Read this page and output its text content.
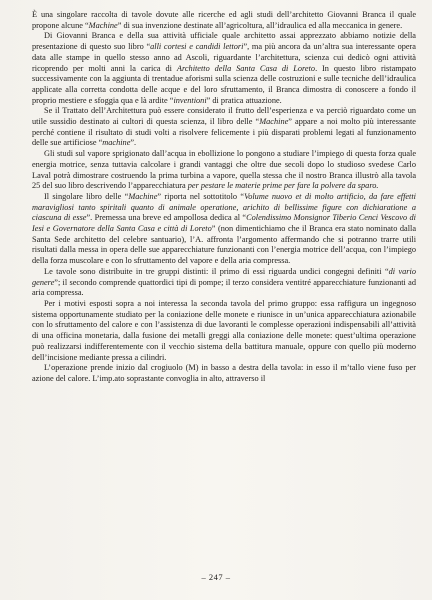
È una singolare raccolta di tavole dovute alle ricerche ed agli studi dell’architetto Giovanni Branca il quale propone alcune “Machine” di sua invenzione destinate all’agricoltura, all’idraulica ed alla meccanica in genere.

Di Giovanni Branca e della sua attività ufficiale quale architetto assai apprezzato abbiamo notizie della presentazione di questo suo libro “alli cortesi e candidi lettori”, ma più ancora da un’altra sua interessante opera data alle stampe in quello stesso anno ad Ascoli, riguardante l’architettura, scienza cui dedicò ogni attività ricoprendo per molti anni la carica di Architetto della Santa Casa di Loreto. In questo libro ristampato successivamente con la aggiunta di trentadue aforismi sulla scienza delle costruzioni e sulle tecniche dell’idraulica applicate alla corretta condotta delle acque e del loro sfruttamento, il Branca dimostra di conoscere a fondo il proprio mestiere e sfoggia qua e là ardite “inventioni” di pratica attuazione.

Se il Trattato dell’Architettura può essere considerato il frutto dell’esperienza e va perciò riguardato come un utile sussidio destinato ai cultori di questa scienza, il libro delle “Machine” appare a noi molto più interessante perché contiene il risultato di studi volti a risolvere felicemente i più disparati problemi legati al funzionamento delle sue artificiose “machine”.

Gli studi sul vapore sprigionato dall’acqua in ebollizione lo pongono a studiare l’impiego di questa forza quale energia motrice, senza tuttavia calcolare i grandi vantaggi che oltre due secoli dopo lo studioso svedese Carlo Laval potrà dimostrare costruendo la prima turbina a vapore, quella stessa che il nostro Branca illustrò alla tavola 25 del suo libro descrivendo l’apparecchiatura per pestare le materie prime per fare la polvere da sparo.

Il singolare libro delle “Machine” riporta nel sottotitolo “Volume nuovo et di molto artificio, da fare effetti maravigliosi tanto spiritali quanto di animale operatione, arichito di bellissime figure con dichiaratione a ciascuna di esse”. Premessa una breve ed ampollosa dedica al “Colendissimo Monsignor Tiberio Cenci Vescovo di Iesi e Governatore della Santa Casa e città di Loreto” (non dimentichiamo che il Branca era stato nominato dalla Santa Sede architetto del celebre santuario), l’A. affronta l’argomento affermando che si potranno trarre utili risultati dalla messa in opera delle sue apparecchiature funzionanti con l’energia motrice dell’acqua, con l’impiego della forza muscolare e con lo sfruttamento del vapore e della aria compressa.

Le tavole sono distribuite in tre gruppi distinti: il primo di essi riguarda undici congegni definiti “di vario genere”; il secondo comprende quattordici tipi di pompe; il terzo considera ventitré apparecchiature funzionanti ad aria compressa.

Per i motivi esposti sopra a noi interessa la seconda tavola del primo gruppo: essa raffigura un ingegnoso sistema opportunamente studiato per la coniazione delle monete e riunisce in un’unica apparecchiatura azionabile con lo sfruttamento del calore e con l’assistenza di due lavoranti le complesse operazioni indispensabili all’attività di una officina monetaria, dalla fusione dei metalli greggi alla coniazione delle monete: quest’ultima operazione può realizzarsi indifferentemente con il vecchio sistema della battitura manuale, oppure con quello più moderno dell’incisione mediante pressa a cilindri.

L’operazione prende inizio dal crogiuolo (M) in basso a destra della tavola: in esso il m’tallo viene fuso per azione del calore. L’imp.ato soprastante convoglia in alto, attraverso il

– 247 –
